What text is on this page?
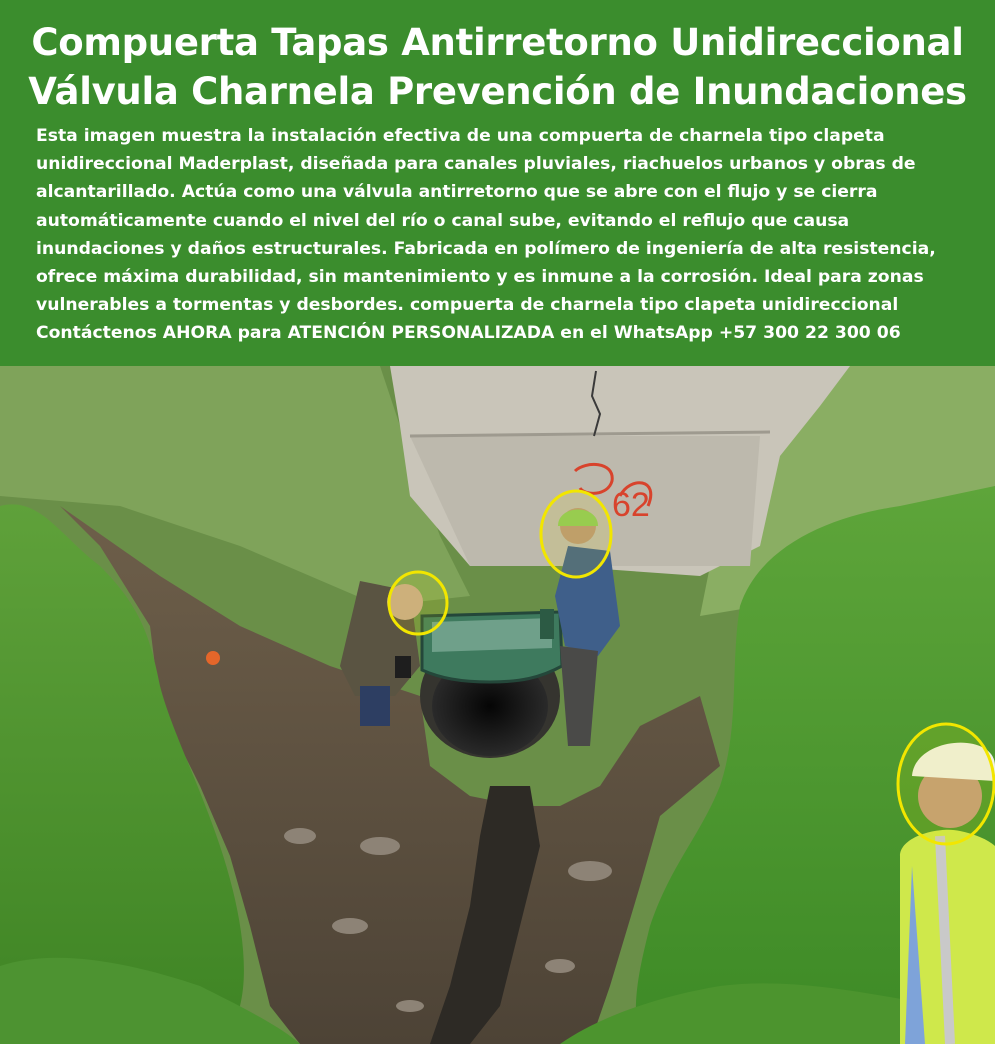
Compuerta Tapas Antirretorno Unidireccional
Válvula Charnela Prevención de Inundaciones

Esta imagen muestra la instalación efectiva de una compuerta de charnela tipo clapeta
unidireccional Maderplast, diseñada para canales pluviales, riachuelos urbanos y obras de
alcantarillado. Actúa como una válvula antirretorno que se abre con el flujo y se cierra
automáticamente cuando el nivel del río o canal sube, evitando el reflujo que causa
inundaciones y daños estructurales. Fabricada en polímero de ingeniería de alta resistencia,
ofrece máxima durabilidad, sin mantenimiento y es inmune a la corrosión. Ideal para zonas
vulnerables a tormentas y desbordes. compuerta de charnela tipo clapeta unidireccional
Contáctenos AHORA para ATENCIÓN PERSONALIZADA en el WhatsApp +57 300 22 300 06

62
